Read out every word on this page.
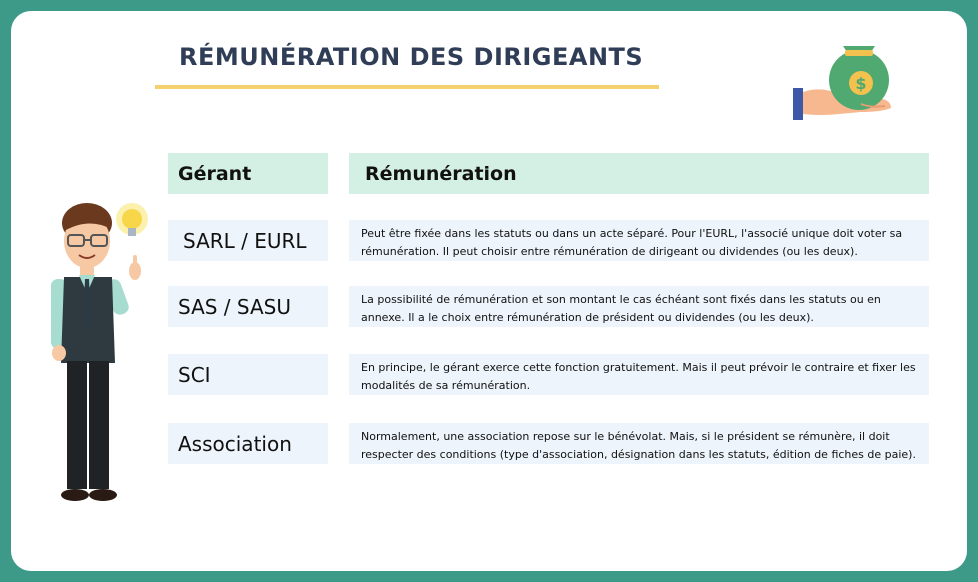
RÉMUNÉRATION DES DIRIGEANTS
$
Gérant	Rémunération
SARL / EURL	Peut être fixée dans les statuts ou dans un acte séparé. Pour l'EURL, l'associé unique doit voter sa rémunération. Il peut choisir entre rémunération de dirigeant ou dividendes (ou les deux).
SAS / SASU	La possibilité de rémunération et son montant le cas échéant sont fixés dans les statuts ou en annexe. Il a le choix entre rémunération de président ou dividendes (ou les deux).
SCI	En principe, le gérant exerce cette fonction gratuitement. Mais il peut prévoir le contraire et fixer les modalités de sa rémunération.
Association	Normalement, une association repose sur le bénévolat. Mais, si le président se rémunère, il doit respecter des conditions (type d'association, désignation dans les statuts, édition de fiches de paie).
